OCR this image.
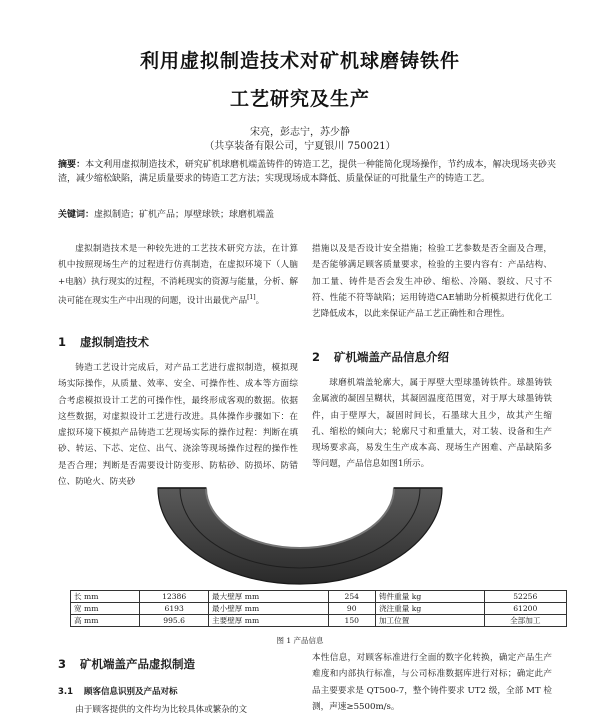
利用虚拟制造技术对矿机球磨铸铁件
工艺研究及生产
宋亮，彭志宁，苏少静
（共享装备有限公司，宁夏银川 750021）
摘要：本文利用虚拟制造技术，研究矿机球磨机端盖铸件的铸造工艺，提供一种能简化现场操作，节约成本，解决现场夹砂夹渣，减少缩松缺陷，满足质量要求的铸造工艺方法；实现现场成本降低、质量保证的可批量生产的铸造工艺。
关键词：虚拟制造；矿机产品；厚壁球铁；球磨机端盖

虚拟制造技术是一种较先进的工艺技术研究方法，在计算机中按照现场生产的过程进行仿真制造，在虚拟环境下（人脑+电脑）执行现实的过程，不消耗现实的资源与能量，分析、解决可能在现实生产中出现的问题，设计出最优产品[1]。

1 虚拟制造技术

铸造工艺设计完成后，对产品工艺进行虚拟制造，模拟现场实际操作，从质量、效率、安全、可操作性、成本等方面综合考虑模拟设计工艺的可操作性，最终形成客观的数据。依据这些数据，对虚拟设计工艺进行改进。具体操作步骤如下：在虚拟环境下模拟产品铸造工艺现场实际的操作过程：判断在填砂、转运、下芯、定位、出气、浇涂等现场操作过程的操作性是否合理；判断是否需要设计防变形、防粘砂、防损坏、防错位、防呛火、防夹砂

措施以及是否设计安全措施；检验工艺参数是否全面及合理，是否能够满足顾客质量要求，检验的主要内容有：产品结构、加工量、铸件是否会发生冲砂、缩松、冷隔、裂纹、尺寸不符、性能不符等缺陷；运用铸造CAE辅助分析模拟进行优化工艺降低成本，以此来保证产品工艺正确性和合理性。

2 矿机端盖产品信息介绍

球磨机端盖轮廓大，属于厚壁大型球墨铸铁件。球墨铸铁金属液的凝固呈糊状，其凝固温度范围宽，对于厚大球墨铸铁件，由于壁厚大，凝固时间长，石墨球大且少，故其产生缩孔、缩松的倾向大；轮廓尺寸和重量大，对工装、设备和生产现场要求高，易发生生产成本高、现场生产困难、产品缺陷多等问题，产品信息如图1所示。

长 mm	12386	最大壁厚 mm	254	铸件重量 kg	52256
宽 mm	6193	最小壁厚 mm	90	浇注重量 kg	61200
高 mm	995.6	主要壁厚 mm	150	加工位置	全部加工
图 1 产品信息
3 矿机端盖产品虚拟制造
3.1 顾客信息识别及产品对标

由于顾客提供的文件均为比较具体或繁杂的文

本性信息，对顾客标准进行全面的数字化转换，确定产品生产难度和内部执行标准，与公司标准数据库进行对标；确定此产品主要要求是 QT500-7，整个铸件要求 UT2 级，全部 MT 检测，声速≥5500m/s。
